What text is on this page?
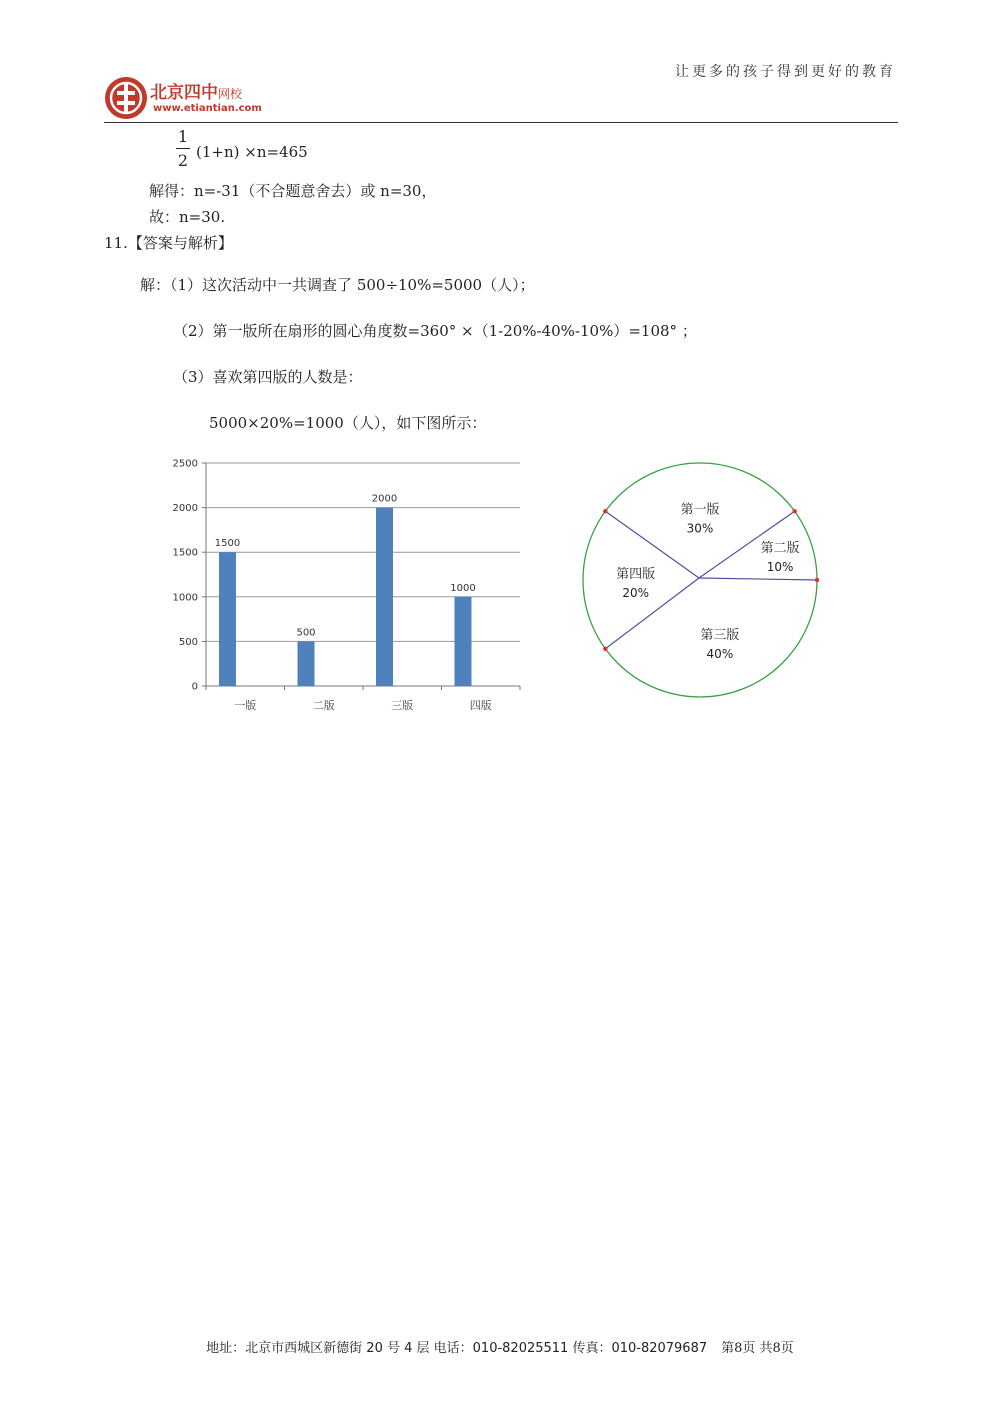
让更多的孩子得到更好的教育
北京四中网校
www.etiantian.com
1
2 (1+n) ×n=465
解得：n=-31（不合题意舍去）或 n=30，
故：n=30.
11.【答案与解析】
解：（1）这次活动中一共调查了 500÷10%=5000（人）；
（2）第一版所在扇形的圆心角度数=360° ×（1-20%-40%-10%）=108° ；
（3）喜欢第四版的人数是：
5000×20%=1000（人），如下图所示：
0
500
1000
1500
2000
2500
1500
一版
500
二版
2000
三版
1000
四版
第二版
10%
第一版
30%
第四版
20%
第三版
40%
地址：北京市西城区新德街 20 号 4 层 电话：010-82025511 传真：010-82079687 第8页 共8页
